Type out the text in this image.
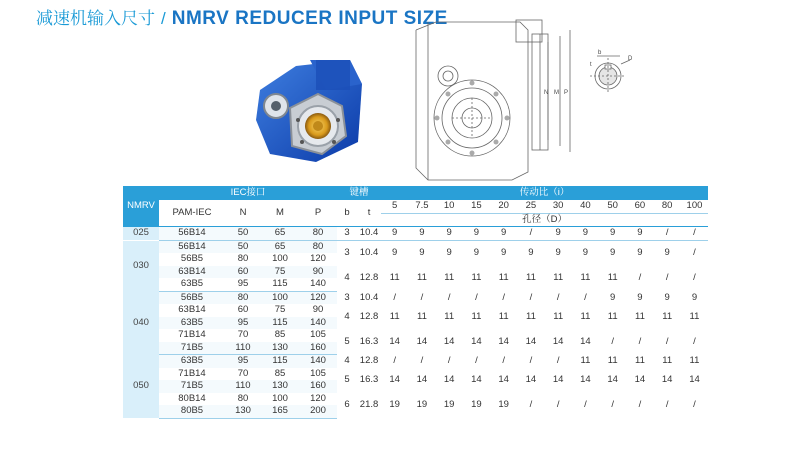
减速机输入尺寸 / NMRV REDUCER INPUT SIZE
N M P
b
t
D
NMRV	IEC接口				键槽		传动比（i）											
	PAM-IEC	N	M	P	b	t	5	7.5	10	15	20	25	30	40	50	60	80	100
							孔径（D）											
025	56B14	50	65	80	3	10.4	9	9	9	9	9	/	9	9	9	9	/	/
030	56B14	50	65	80	3	10.4	9	9	9	9	9	9	9	9	9	9	9	/
	56B5	80	100	120														
	63B14	60	75	90	4	12.8	11	11	11	11	11	11	11	11	11	/	/	/
	63B5	95	115	140														
040	56B5	80	100	120	3	10.4	/	/	/	/	/	/	/	/	9	9	9	9
	63B14	60	75	90	4	12.8	11	11	11	11	11	11	11	11	11	11	11	11
	63B5	95	115	140														
	71B14	70	85	105	5	16.3	14	14	14	14	14	14	14	14	/	/	/	/
	71B5	110	130	160														
050	63B5	95	115	140	4	12.8	/	/	/	/	/	/	/	11	11	11	11	11
	71B14	70	85	105	5	16.3	14	14	14	14	14	14	14	14	14	14	14	14
	71B5	110	130	160														
	80B14	80	100	120	6	21.8	19	19	19	19	19	/	/	/	/	/	/	/
	80B5	130	165	200														
